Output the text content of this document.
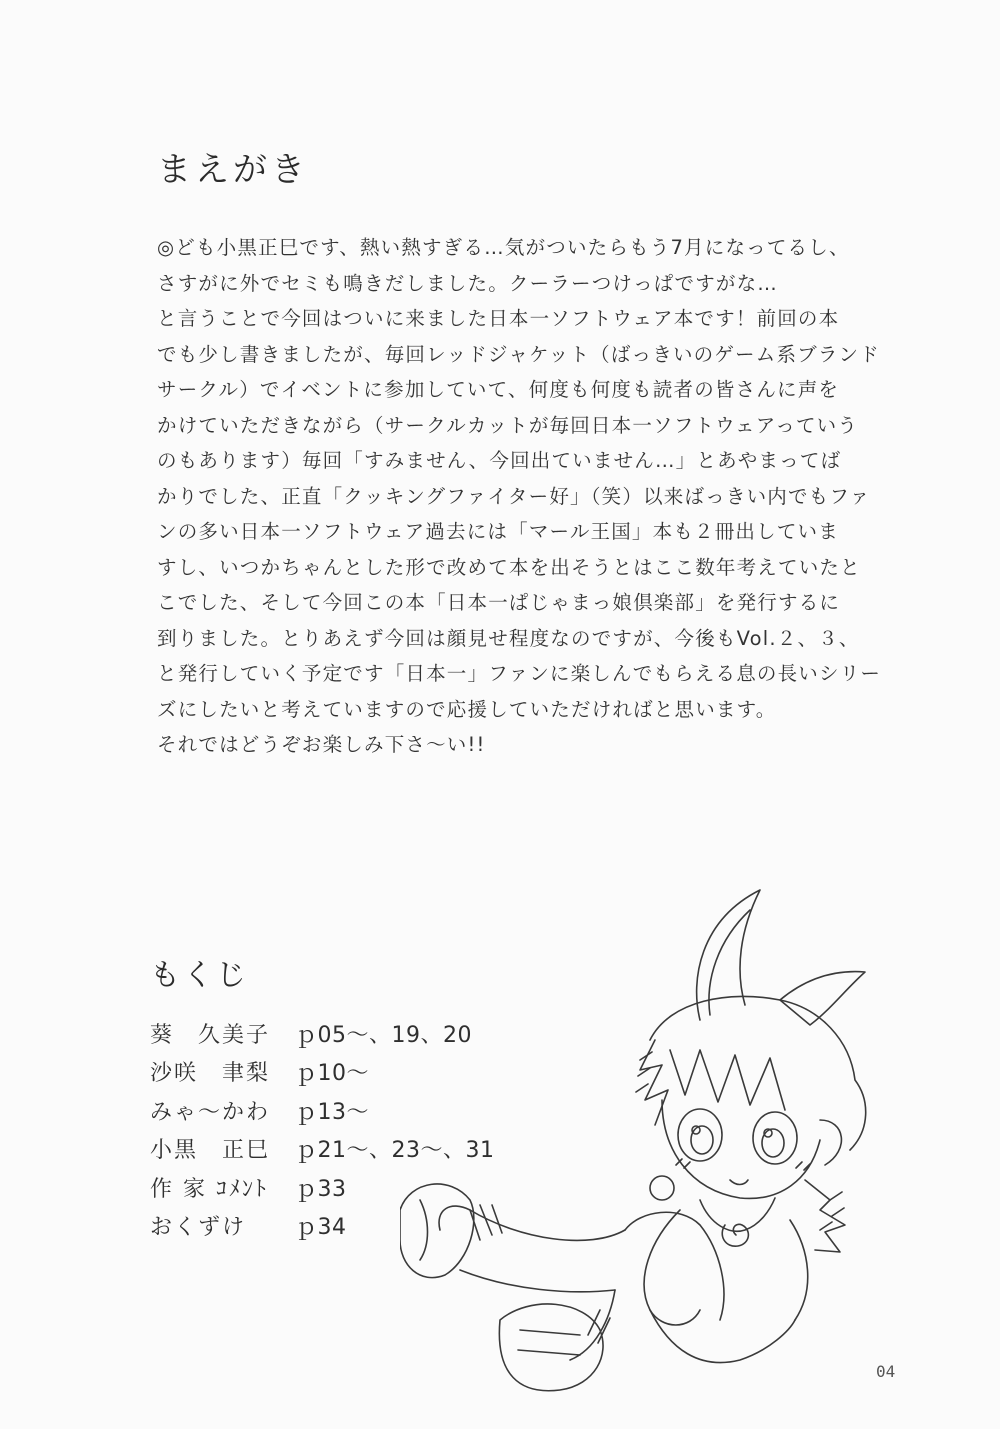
まえがき
◎ども小黒正巳です、熱い熱すぎる…気がついたらもう7月になってるし、
さすがに外でセミも鳴きだしました。クーラーつけっぱですがな…
と言うことで今回はついに来ました日本一ソフトウェア本です！前回の本
でも少し書きましたが、毎回レッドジャケット（ばっきいのゲーム系ブランド
サークル）でイベントに参加していて、何度も何度も読者の皆さんに声を
かけていただきながら（サークルカットが毎回日本一ソフトウェアっていう
のもあります）毎回「すみません、今回出ていません…」とあやまってば
かりでした、正直「クッキングファイター好」（笑）以来ばっきい内でもファ
ンの多い日本一ソフトウェア過去には「マール王国」本も２冊出していま
すし、いつかちゃんとした形で改めて本を出そうとはここ数年考えていたと
こでした、そして今回この本「日本一ぱじゃまっ娘倶楽部」を発行するに
到りました。とりあえず今回は顔見せ程度なのですが、今後もVol.２、３、
と発行していく予定です「日本一」ファンに楽しんでもらえる息の長いシリー
ズにしたいと考えていますので応援していただければと思います。
それではどうぞお楽しみ下さ～い!!
もくじ
葵　久美子	ｐ05～、19、20
沙咲　聿梨	ｐ10～
みゃ～かわ	ｐ13～
小黒　正巳	ｐ21～、23～、31
作 家 ｺﾒﾝﾄ	ｐ33
おくずけ	ｐ34
04
